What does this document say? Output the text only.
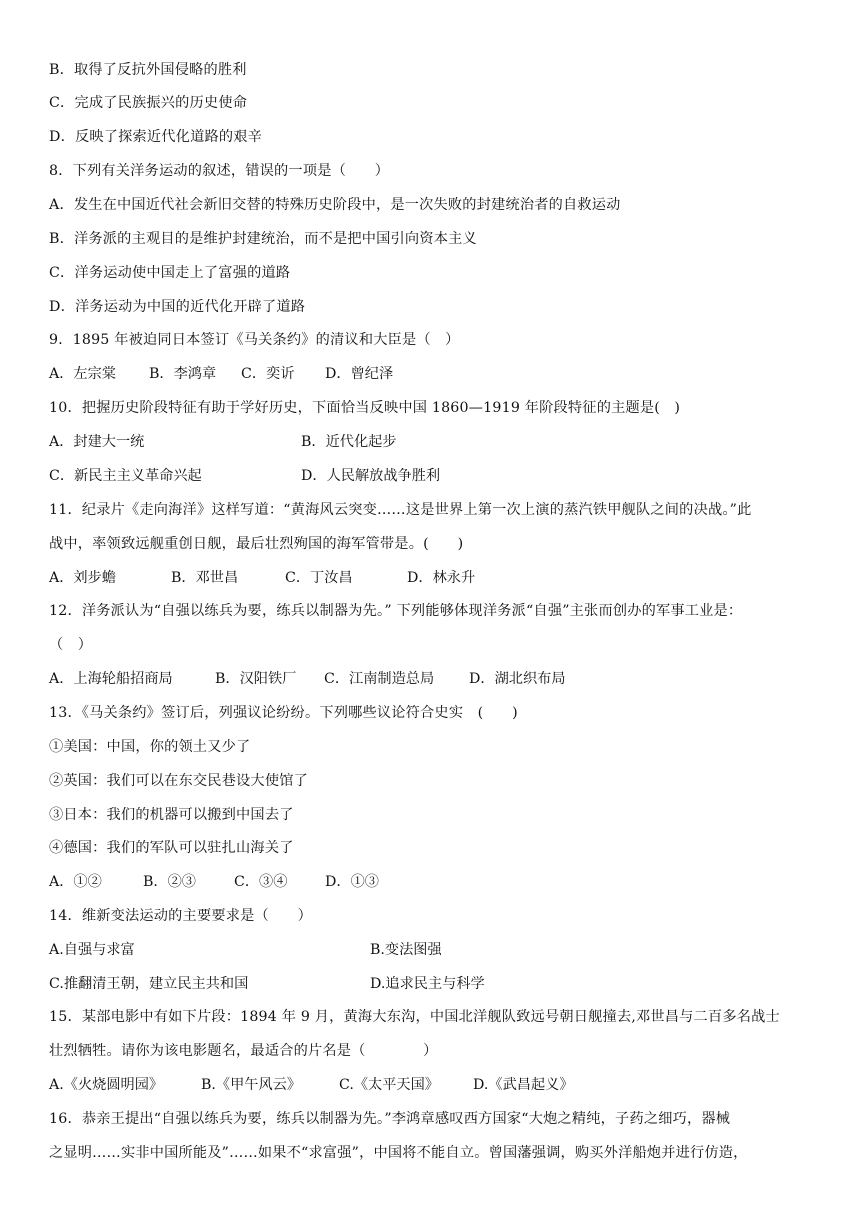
B．取得了反抗外国侵略的胜利
C．完成了民族振兴的历史使命
D．反映了探索近代化道路的艰辛
8．下列有关洋务运动的叙述，错误的一项是（　　）
A．发生在中国近代社会新旧交替的特殊历史阶段中，是一次失败的封建统治者的自救运动
B．洋务派的主观目的是维护封建统治，而不是把中国引向资本主义
C．洋务运动使中国走上了富强的道路
D．洋务运动为中国的近代化开辟了道路
9．1895 年被迫同日本签订《马关条约》的清议和大臣是（　）
A．左宗棠 B．李鸿章 C．奕䜣 D．曾纪泽
10．把握历史阶段特征有助于学好历史，下面恰当反映中国 1860—1919 年阶段特征的主题是(　)
A．封建大一统	B．近代化起步
C．新民主主义革命兴起	D．人民解放战争胜利
11．纪录片《走向海洋》这样写道：“黄海风云突变……这是世界上第一次上演的蒸汽铁甲舰队之间的决战。”此
战中，率领致远舰重创日舰，最后壮烈殉国的海军管带是。(　　)
A．刘步蟾	B．邓世昌	C．丁汝昌	D．林永升
12．洋务派认为“自强以练兵为要，练兵以制器为先。” 下列能够体现洋务派“自强”主张而创办的军事工业是：
（　）
A．上海轮船招商局	B．汉阳铁厂 C．江南制造总局 D．湖北织布局
13．《马关条约》签订后，列强议论纷纷。下列哪些议论符合史实　(　　)
①美国：中国，你的领土又少了
②英国：我们可以在东交民巷设大使馆了
③日本：我们的机器可以搬到中国去了
④德国：我们的军队可以驻扎山海关了
A．①②	B．②③	C．③④	D．①③
14．维新变法运动的主要要求是（　　）
A.自强与求富	B.变法图强
C.推翻清王朝，建立民主共和国	D.追求民主与科学
15．某部电影中有如下片段：1894 年 9 月，黄海大东沟，中国北洋舰队致远号朝日舰撞去,邓世昌与二百多名战士
壮烈牺牲。请你为该电影题名，最适合的片名是（　　　　）
A.《火烧圆明园》	B.《甲午风云》	C.《太平天国》 D.《武昌起义》
16．恭亲王提出“自强以练兵为要，练兵以制器为先。”李鸿章感叹西方国家“大炮之精纯，子药之细巧，器械
之显明……实非中国所能及”……如果不“求富强”，中国将不能自立。曾国藩强调，购买外洋船炮并进行仿造，
